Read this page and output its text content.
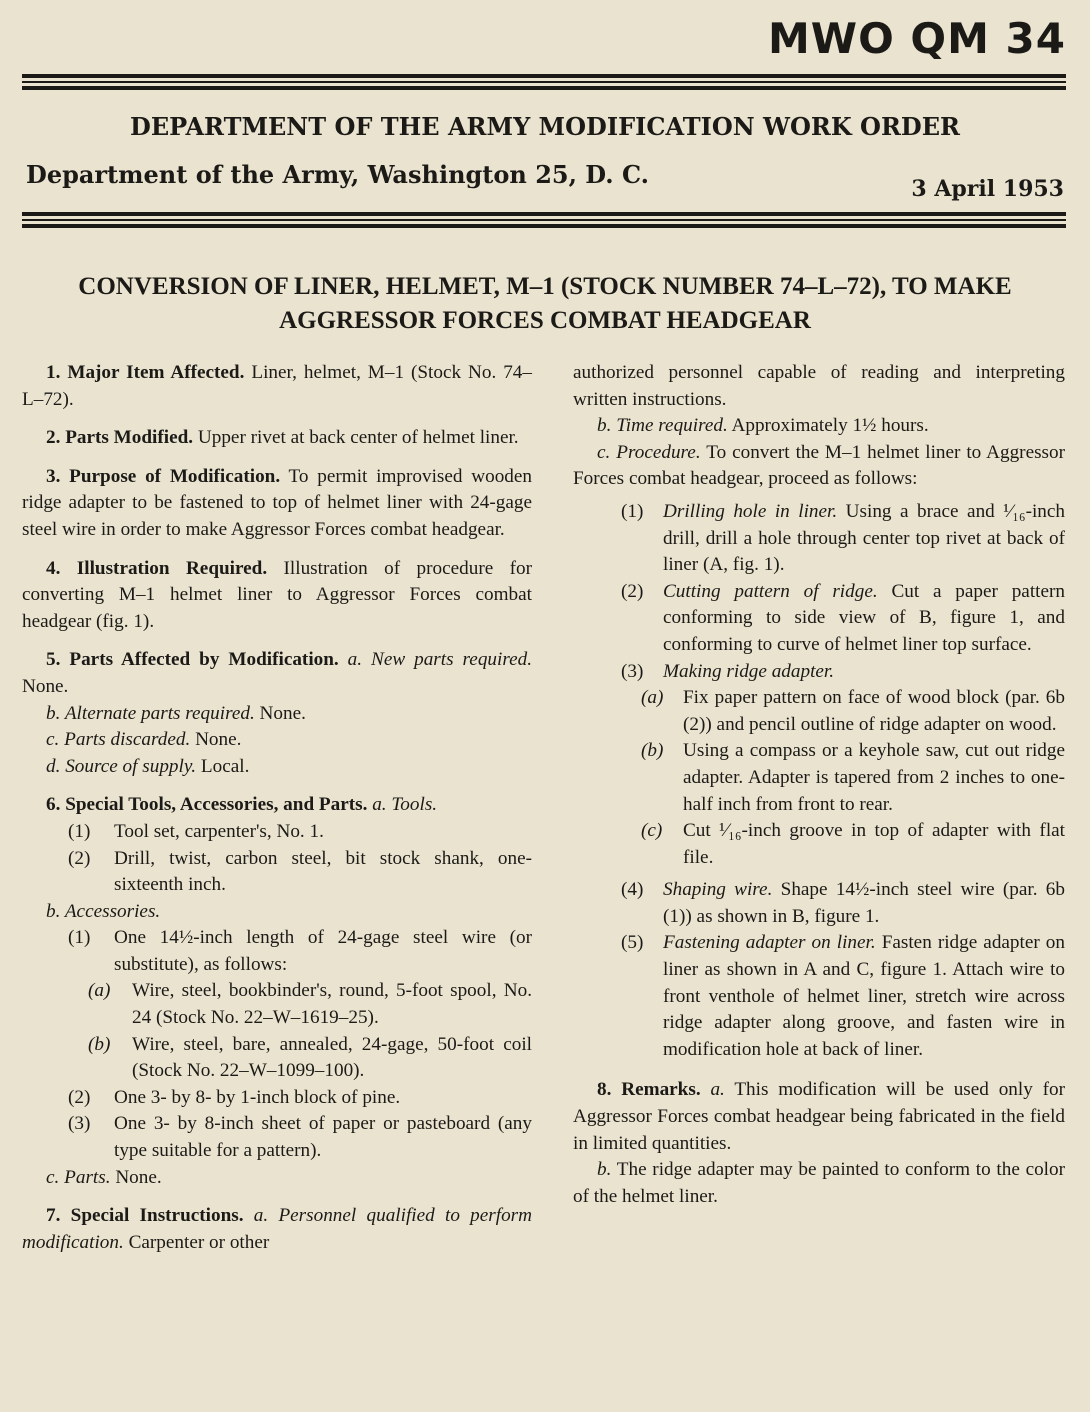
MWO QM 34
DEPARTMENT OF THE ARMY MODIFICATION WORK ORDER
Department of the Army, Washington 25, D. C.	3 April 1953
CONVERSION OF LINER, HELMET, M–1 (STOCK NUMBER 74–L–72), TO MAKE
AGGRESSOR FORCES COMBAT HEADGEAR

1. Major Item Affected. Liner, helmet, M–1 (Stock No. 74–L–72).

2. Parts Modified. Upper rivet at back center of helmet liner.

3. Purpose of Modification. To permit improvised wooden ridge adapter to be fastened to top of helmet liner with 24-gage steel wire in order to make Aggressor Forces combat headgear.

4. Illustration Required. Illustration of procedure for converting M–1 helmet liner to Aggressor Forces combat headgear (fig. 1).

5. Parts Affected by Modification. a. New parts required. None.

b. Alternate parts required. None.

c. Parts discarded. None.

d. Source of supply. Local.

6. Special Tools, Accessories, and Parts. a. Tools.

(1)	Tool set, carpenter's, No. 1.
(2)	Drill, twist, carbon steel, bit stock shank, one-sixteenth inch.

b. Accessories.

(1)	One 14½-inch length of 24-gage steel wire (or substitute), as follows:
(a)	Wire, steel, bookbinder's, round, 5-foot spool, No. 24 (Stock No. 22–W–1619–25).
(b)	Wire, steel, bare, annealed, 24-gage, 50-foot coil (Stock No. 22–W–1099–100).
(2)	One 3- by 8- by 1-inch block of pine.
(3)	One 3- by 8-inch sheet of paper or pasteboard (any type suitable for a pattern).

c. Parts. None.

7. Special Instructions. a. Personnel qualified to perform modification. Carpenter or other

authorized personnel capable of reading and interpreting written instructions.

b. Time required. Approximately 1½ hours.

c. Procedure. To convert the M–1 helmet liner to Aggressor Forces combat headgear, proceed as follows:

(1)	Drilling hole in liner. Using a brace and ¹⁄₁₆-inch drill, drill a hole through center top rivet at back of liner (A, fig. 1).
(2)	Cutting pattern of ridge. Cut a paper pattern conforming to side view of B, figure 1, and conforming to curve of helmet liner top surface.
(3)	Making ridge adapter.
(a)	Fix paper pattern on face of wood block (par. 6b (2)) and pencil outline of ridge adapter on wood.
(b)	Using a compass or a keyhole saw, cut out ridge adapter. Adapter is tapered from 2 inches to one-half inch from front to rear.
(c)	Cut ¹⁄₁₆-inch groove in top of adapter with flat file.
(4)	Shaping wire. Shape 14½-inch steel wire (par. 6b (1)) as shown in B, figure 1.
(5)	Fastening adapter on liner. Fasten ridge adapter on liner as shown in A and C, figure 1. Attach wire to front venthole of helmet liner, stretch wire across ridge adapter along groove, and fasten wire in modification hole at back of liner.

8. Remarks. a. This modification will be used only for Aggressor Forces combat headgear being fabricated in the field in limited quantities.

b. The ridge adapter may be painted to conform to the color of the helmet liner.
